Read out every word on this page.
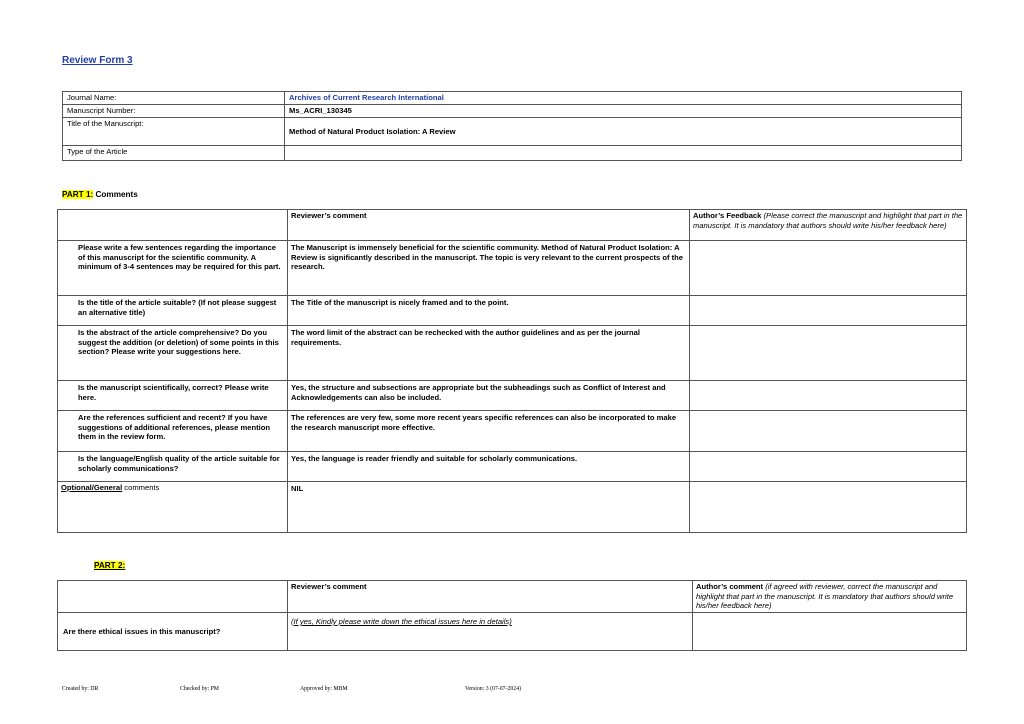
Review Form 3
Journal Name:	Archives of Current Research International
Manuscript Number:	Ms_ACRI_130345
Title of the Manuscript:	Method of Natural Product Isolation: A Review
Type of the Article	
PART 1: Comments
	Reviewer’s comment	Author’s Feedback (Please correct the manuscript and highlight that part in the manuscript. It is mandatory that authors should write his/her feedback here)
Please write a few sentences regarding the importance of this manuscript for the scientific community. A minimum of 3-4 sentences may be required for this part.	The Manuscript is immensely beneficial for the scientific community. Method of Natural Product Isolation: A Review is significantly described in the manuscript. The topic is very relevant to the current prospects of the research.	
Is the title of the article suitable? (If not please suggest an alternative title)	The Title of the manuscript is nicely framed and to the point.	
Is the abstract of the article comprehensive? Do you suggest the addition (or deletion) of some points in this section? Please write your suggestions here.	The word limit of the abstract can be rechecked with the author guidelines and as per the journal requirements.	
Is the manuscript scientifically, correct? Please write here.	Yes, the structure and subsections are appropriate but the subheadings such as Conflict of Interest and Acknowledgements can also be included.	
Are the references sufficient and recent? If you have suggestions of additional references, please mention them in the review form.	The references are very few, some more recent years specific references can also be incorporated to make the research manuscript more effective.	
Is the language/English quality of the article suitable for scholarly communications?	Yes, the language is reader friendly and suitable for scholarly communications.	
Optional/General comments	NIL	
PART 2:
	Reviewer’s comment	Author’s comment (if agreed with reviewer, correct the manuscript and highlight that part in the manuscript. It is mandatory that authors should write his/her feedback here)
Are there ethical issues in this manuscript?	(If yes, Kindly please write down the ethical issues here in details)	
Created by: DR	Checked by: PM	Approved by: MBM	Version: 3 (07-07-2024)
